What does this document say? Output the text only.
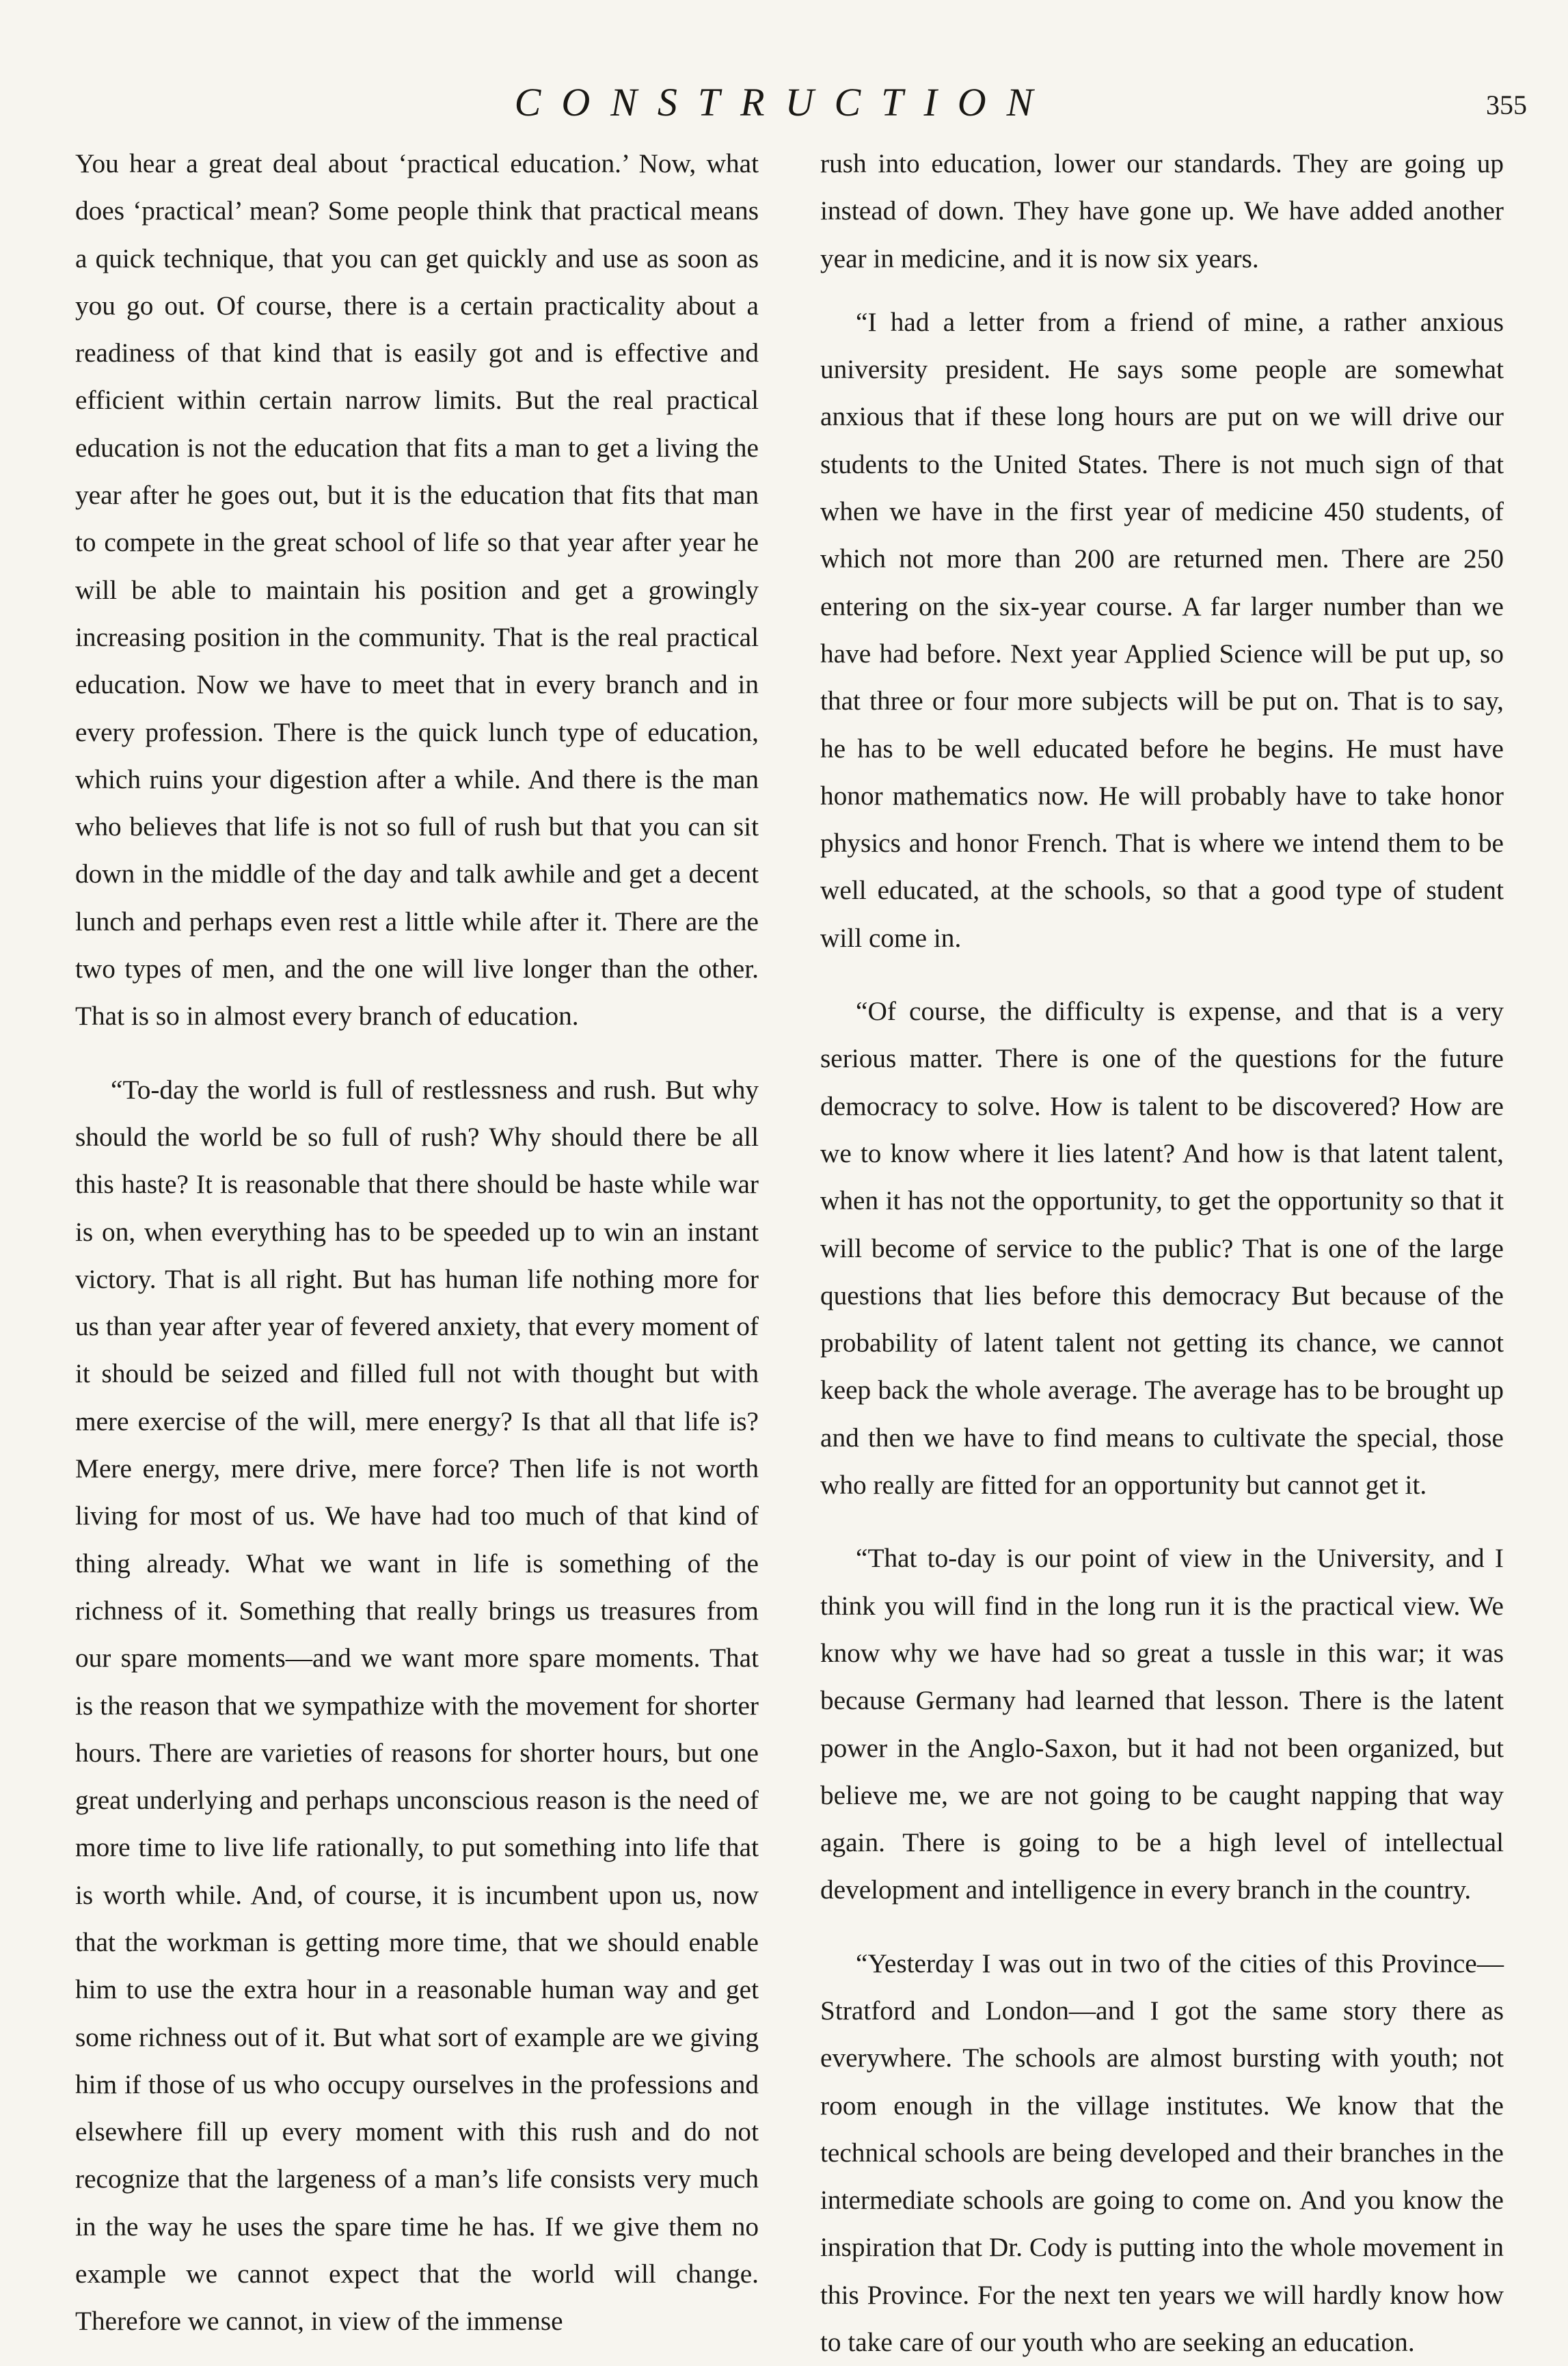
CONSTRUCTION	355

You hear a great deal about ‘practical education.’ Now, what does ‘practical’ mean? Some people think that practical means a quick technique, that you can get quickly and use as soon as you go out. Of course, there is a certain practicality about a readiness of that kind that is easily got and is effective and efficient within certain narrow limits. But the real practical education is not the education that fits a man to get a living the year after he goes out, but it is the education that fits that man to compete in the great school of life so that year after year he will be able to maintain his position and get a growingly increasing position in the community. That is the real practical education. Now we have to meet that in every branch and in every profession. There is the quick lunch type of education, which ruins your digestion after a while. And there is the man who believes that life is not so full of rush but that you can sit down in the middle of the day and talk awhile and get a decent lunch and perhaps even rest a little while after it. There are the two types of men, and the one will live longer than the other. That is so in almost every branch of education.

“To-day the world is full of restlessness and rush. But why should the world be so full of rush? Why should there be all this haste? It is reasonable that there should be haste while war is on, when everything has to be speeded up to win an instant victory. That is all right. But has human life nothing more for us than year after year of fevered anxiety, that every moment of it should be seized and filled full not with thought but with mere exercise of the will, mere energy? Is that all that life is? Mere energy, mere drive, mere force? Then life is not worth living for most of us. We have had too much of that kind of thing already. What we want in life is something of the richness of it. Something that really brings us treasures from our spare moments—and we want more spare moments. That is the reason that we sympathize with the movement for shorter hours. There are varieties of reasons for shorter hours, but one great underlying and perhaps unconscious reason is the need of more time to live life rationally, to put something into life that is worth while. And, of course, it is incumbent upon us, now that the workman is getting more time, that we should enable him to use the extra hour in a reasonable human way and get some richness out of it. But what sort of example are we giving him if those of us who occupy ourselves in the professions and elsewhere fill up every moment with this rush and do not recognize that the largeness of a man’s life consists very much in the way he uses the spare time he has. If we give them no example we cannot expect that the world will change. Therefore we cannot, in view of the immense

rush into education, lower our standards. They are going up instead of down. They have gone up. We have added another year in medicine, and it is now six years.

“I had a letter from a friend of mine, a rather anxious university president. He says some people are somewhat anxious that if these long hours are put on we will drive our students to the United States. There is not much sign of that when we have in the first year of medicine 450 students, of which not more than 200 are returned men. There are 250 entering on the six-year course. A far larger number than we have had before. Next year Applied Science will be put up, so that three or four more subjects will be put on. That is to say, he has to be well educated before he begins. He must have honor mathematics now. He will probably have to take honor physics and honor French. That is where we intend them to be well educated, at the schools, so that a good type of student will come in.

“Of course, the difficulty is expense, and that is a very serious matter. There is one of the questions for the future democracy to solve. How is talent to be discovered? How are we to know where it lies latent? And how is that latent talent, when it has not the opportunity, to get the opportunity so that it will become of service to the public? That is one of the large questions that lies before this democracy But because of the probability of latent talent not getting its chance, we cannot keep back the whole average. The average has to be brought up and then we have to find means to cultivate the special, those who really are fitted for an opportunity but cannot get it.

“That to-day is our point of view in the University, and I think you will find in the long run it is the practical view. We know why we have had so great a tussle in this war; it was because Germany had learned that lesson. There is the latent power in the Anglo-Saxon, but it had not been organized, but believe me, we are not going to be caught napping that way again. There is going to be a high level of intellectual development and intelligence in every branch in the country.

“Yesterday I was out in two of the cities of this Province—Stratford and London—and I got the same story there as everywhere. The schools are almost bursting with youth; not room enough in the village institutes. We know that the technical schools are being developed and their branches in the intermediate schools are going to come on. And you know the inspiration that Dr. Cody is putting into the whole movement in this Province. For the next ten years we will hardly know how to take care of our youth who are seeking an education.
